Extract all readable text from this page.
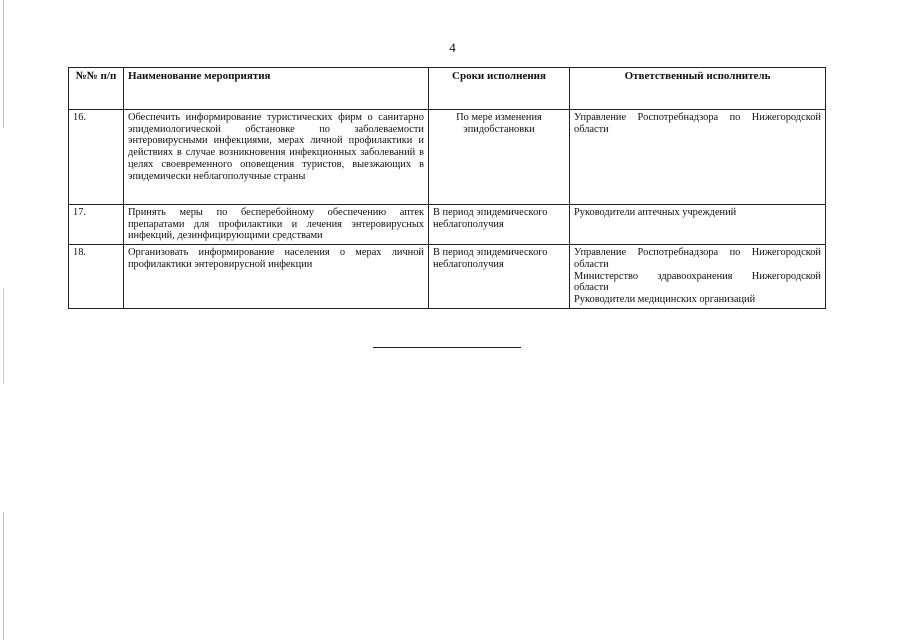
4
№№ п/п	Наименование мероприятия	Сроки исполнения	Ответственный исполнитель
16.	Обеспечить информирование туристических фирм о санитарно эпидемиологической обстановке по заболеваемости энтеровирусными инфекциями, мерах личной профилактики и действиях в случае возникновения инфекционных заболеваний в целях своевременного оповещения туристов, выезжающих в эпидемически неблагополучные страны	По мере изменения эпидобстановки	Управление Роспотребнадзора по Нижегородской области

17.	Принять меры по бесперебойному обеспечению аптек препаратами для профилактики и лечения энтеровирусных инфекций, дезинфицирующими средствами	В период эпидемического неблагополучия	Руководители аптечных учреждений

18.	Организовать информирование населения о мерах личной профилактики энтеровирусной инфекции	В период эпидемического неблагополучия	Управление Роспотребнадзора по Нижегородской области
Министерство здравоохранения Нижегородской области
Руководители медицинских организаций
